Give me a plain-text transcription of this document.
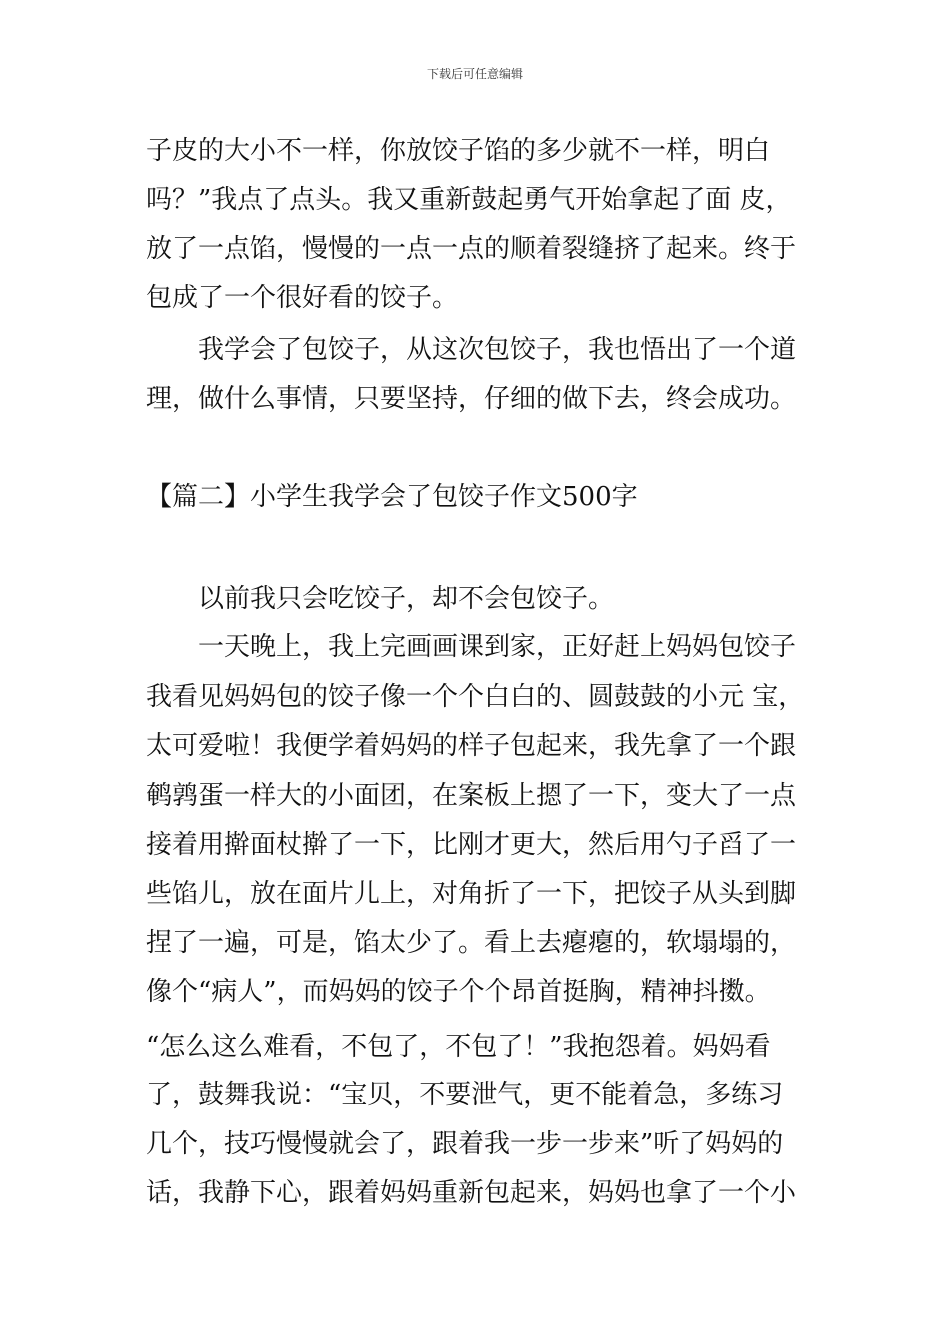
下载后可任意编辑
子皮的大小不一样，你放饺子馅的多少就不一样，明白
吗？”我点了点头。我又重新鼓起勇气开始拿起了面 皮，
放了一点馅，慢慢的一点一点的顺着裂缝挤了起来。终于
包成了一个很好看的饺子。
　　我学会了包饺子，从这次包饺子，我也悟出了一个道
理，做什么事情，只要坚持，仔细的做下去，终会成功。
【篇二】小学生我学会了包饺子作文500字
　　以前我只会吃饺子，却不会包饺子。
　　一天晚上，我上完画画课到家，正好赶上妈妈包饺子
我看见妈妈包的饺子像一个个白白的、圆鼓鼓的小元 宝，
太可爱啦！我便学着妈妈的样子包起来，我先拿了一个跟
鹌鹑蛋一样大的小面团，在案板上摁了一下，变大了一点
接着用擀面杖擀了一下，比刚才更大，然后用勺子舀了一
些馅儿，放在面片儿上，对角折了一下，把饺子从头到脚
捏了一遍，可是，馅太少了。看上去瘪瘪的，软塌塌的，
像个“病人”，而妈妈的饺子个个昂首挺胸，精神抖擞。
“怎么这么难看，不包了，不包了！”我抱怨着。妈妈看
了，鼓舞我说：“宝贝，不要泄气，更不能着急，多练习
几个，技巧慢慢就会了，跟着我一步一步来”听了妈妈的
话，我静下心，跟着妈妈重新包起来，妈妈也拿了一个小
